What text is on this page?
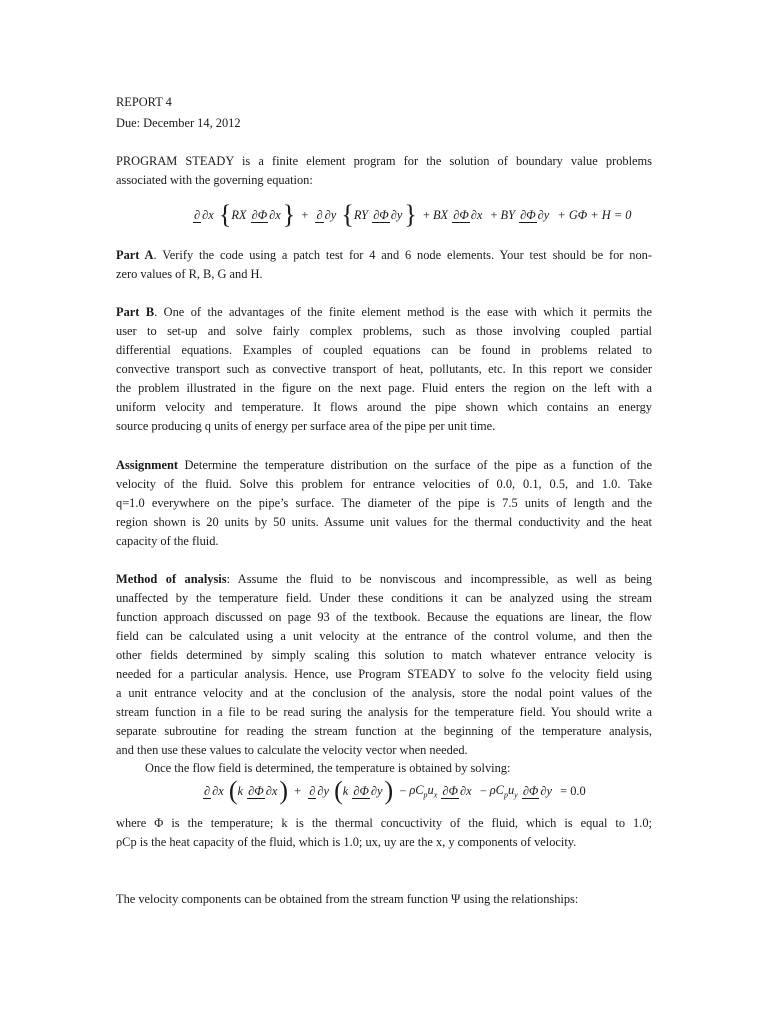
REPORT 4
Due: December 14, 2012
PROGRAM STEADY is a finite element program for the solution of boundary value problems
associated with the governing equation:
∂ ∂x {RX ∂Φ ∂x} + ∂ ∂y {RY ∂Φ ∂y} + BX ∂Φ ∂x + BY ∂Φ ∂y + GΦ + H = 0
Part A. Verify the code using a patch test for 4 and 6 node elements. Your test should be for non-
zero values of R, B, G and H.
Part B. One of the advantages of the finite element method is the ease with which it permits the
user to set-up and solve fairly complex problems, such as those involving coupled partial
differential equations. Examples of coupled equations can be found in problems related to
convective transport such as convective transport of heat, pollutants, etc. In this report we consider
the problem illustrated in the figure on the next page. Fluid enters the region on the left with a
uniform velocity and temperature. It flows around the pipe shown which contains an energy
source producing q units of energy per surface area of the pipe per unit time.
Assignment Determine the temperature distribution on the surface of the pipe as a function of the
velocity of the fluid. Solve this problem for entrance velocities of 0.0, 0.1, 0.5, and 1.0. Take
q=1.0 everywhere on the pipe’s surface. The diameter of the pipe is 7.5 units of length and the
region shown is 20 units by 50 units. Assume unit values for the thermal conductivity and the heat
capacity of the fluid.
Method of analysis: Assume the fluid to be nonviscous and incompressible, as well as being
unaffected by the temperature field. Under these conditions it can be analyzed using the stream
function approach discussed on page 93 of the textbook. Because the equations are linear, the flow
field can be calculated using a unit velocity at the entrance of the control volume, and then the
other fields determined by simply scaling this solution to match whatever entrance velocity is
needed for a particular analysis. Hence, use Program STEADY to solve fo the velocity field using
a unit entrance velocity and at the conclusion of the analysis, store the nodal point values of the
stream function in a file to be read suring the analysis for the temperature field. You should write a
separate subroutine for reading the stream function at the beginning of the temperature analysis,
and then use these values to calculate the velocity vector when needed.
Once the flow field is determined, the temperature is obtained by solving:
∂ ∂x (k ∂Φ ∂x) + ∂ ∂y (k ∂Φ $\partial y) - \rho C_pu_x$ ∂Φ $\partial x - \rho C_pu_y$ ∂Φ ∂y = 0.0
where Φ is the temperature; k is the thermal concuctivity of the fluid, which is equal to 1.0;
ρCp is the heat capacity of the fluid, which is 1.0; ux, uy are the x, y components of velocity.
The velocity components can be obtained from the stream function Ψ using the relationships:
